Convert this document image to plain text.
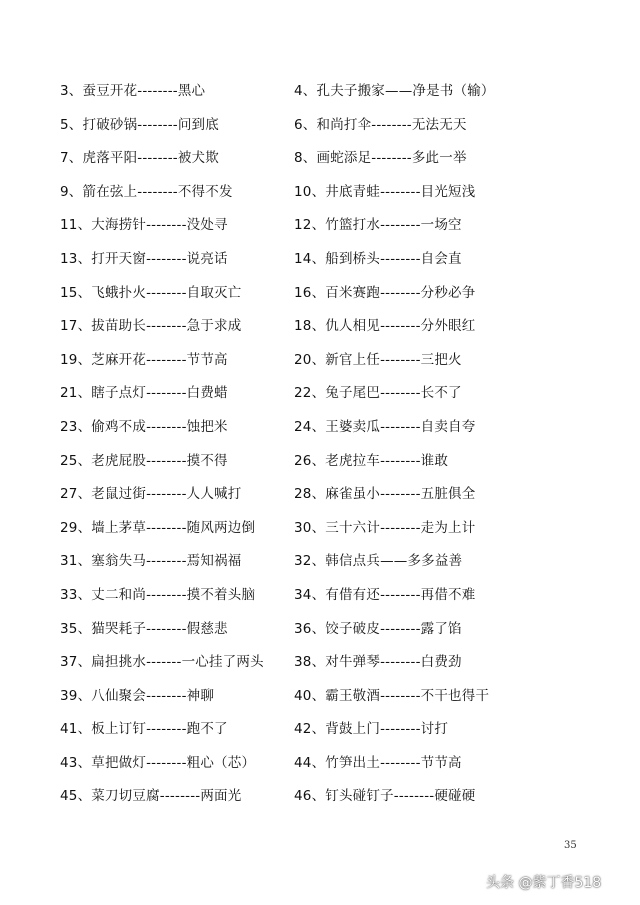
3、蚕豆开花--------黑心
5、打破砂锅--------问到底
7、虎落平阳--------被犬欺
9、箭在弦上--------不得不发
11、大海捞针--------没处寻
13、打开天窗--------说亮话
15、飞蛾扑火--------自取灭亡
17、拔苗助长--------急于求成
19、芝麻开花--------节节高
21、瞎子点灯--------白费蜡
23、偷鸡不成--------蚀把米
25、老虎屁股--------摸不得
27、老鼠过街--------人人喊打
29、墙上茅草--------随风两边倒
31、塞翁失马--------焉知祸福
33、丈二和尚--------摸不着头脑
35、猫哭耗子--------假慈悲
37、扁担挑水-------一心挂了两头
39、八仙聚会--------神聊
41、板上订钉--------跑不了
43、草把做灯--------粗心（芯）
45、菜刀切豆腐--------两面光
4、孔夫子搬家——净是书（输）
6、和尚打伞--------无法无天
8、画蛇添足--------多此一举
10、井底青蛙--------目光短浅
12、竹篮打水--------一场空
14、船到桥头--------自会直
16、百米赛跑--------分秒必争
18、仇人相见--------分外眼红
20、新官上任--------三把火
22、兔子尾巴--------长不了
24、王婆卖瓜--------自卖自夸
26、老虎拉车--------谁敢
28、麻雀虽小--------五脏俱全
30、三十六计--------走为上计
32、韩信点兵——多多益善
34、有借有还--------再借不难
36、饺子破皮--------露了馅
38、对牛弹琴--------白费劲
40、霸王敬酒--------不干也得干
42、背鼓上门--------讨打
44、竹笋出土--------节节高
46、钉头碰钉子--------硬碰硬
35
头条 @紫丁香518
